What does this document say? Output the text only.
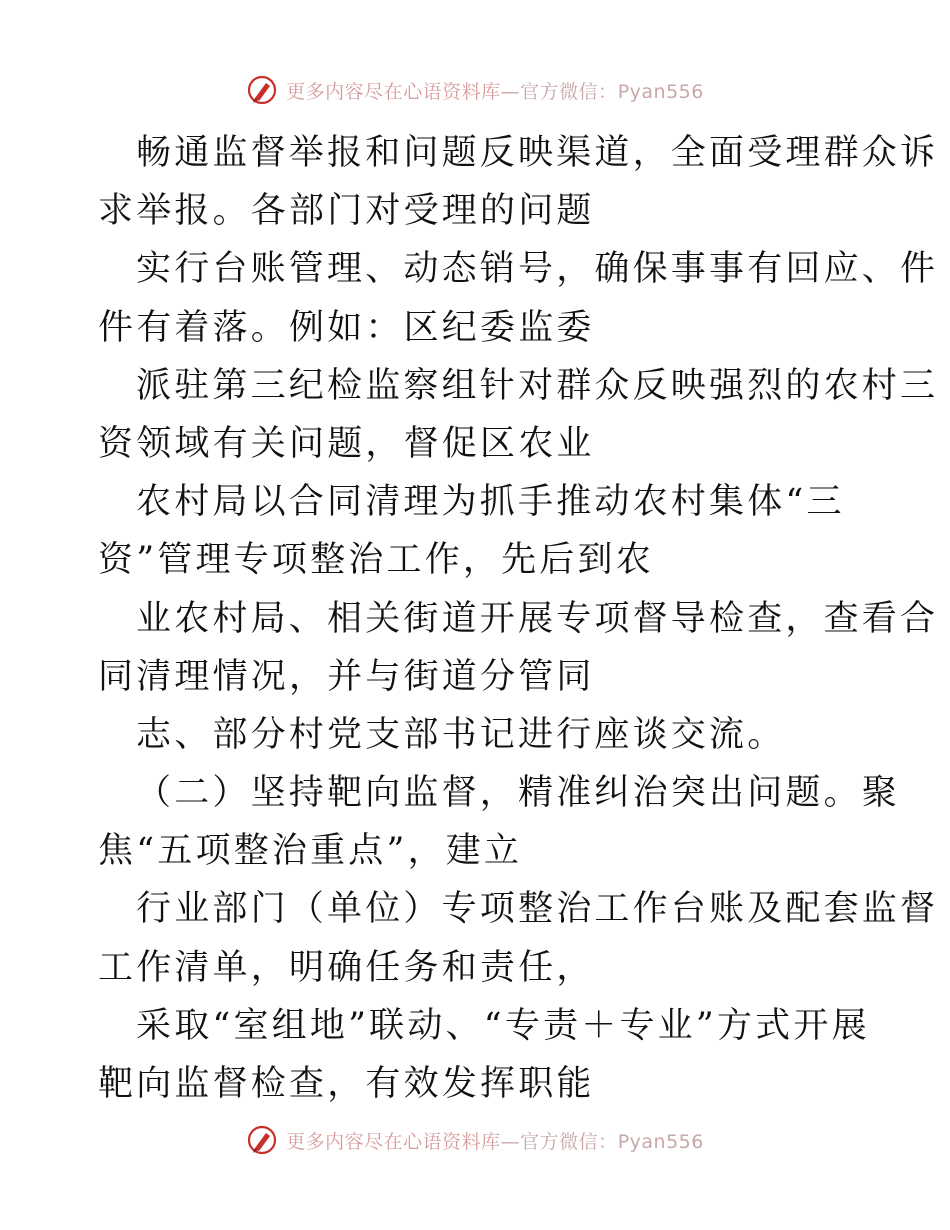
更多内容尽在心语资料库—官方微信：Pyan556
畅通监督举报和问题反映渠道，全面受理群众诉
求举报。各部门对受理的问题
实行台账管理、动态销号，确保事事有回应、件
件有着落。例如：区纪委监委
派驻第三纪检监察组针对群众反映强烈的农村三
资领域有关问题，督促区农业
农村局以合同清理为抓手推动农村集体“三
资”管理专项整治工作，先后到农
业农村局、相关街道开展专项督导检查，查看合
同清理情况，并与街道分管同
志、部分村党支部书记进行座谈交流。
（二）坚持靶向监督，精准纠治突出问题。聚
焦“五项整治重点”，建立
行业部门（单位）专项整治工作台账及配套监督
工作清单，明确任务和责任，
采取“室组地”联动、“专责＋专业”方式开展
靶向监督检查，有效发挥职能
更多内容尽在心语资料库—官方微信：Pyan556
